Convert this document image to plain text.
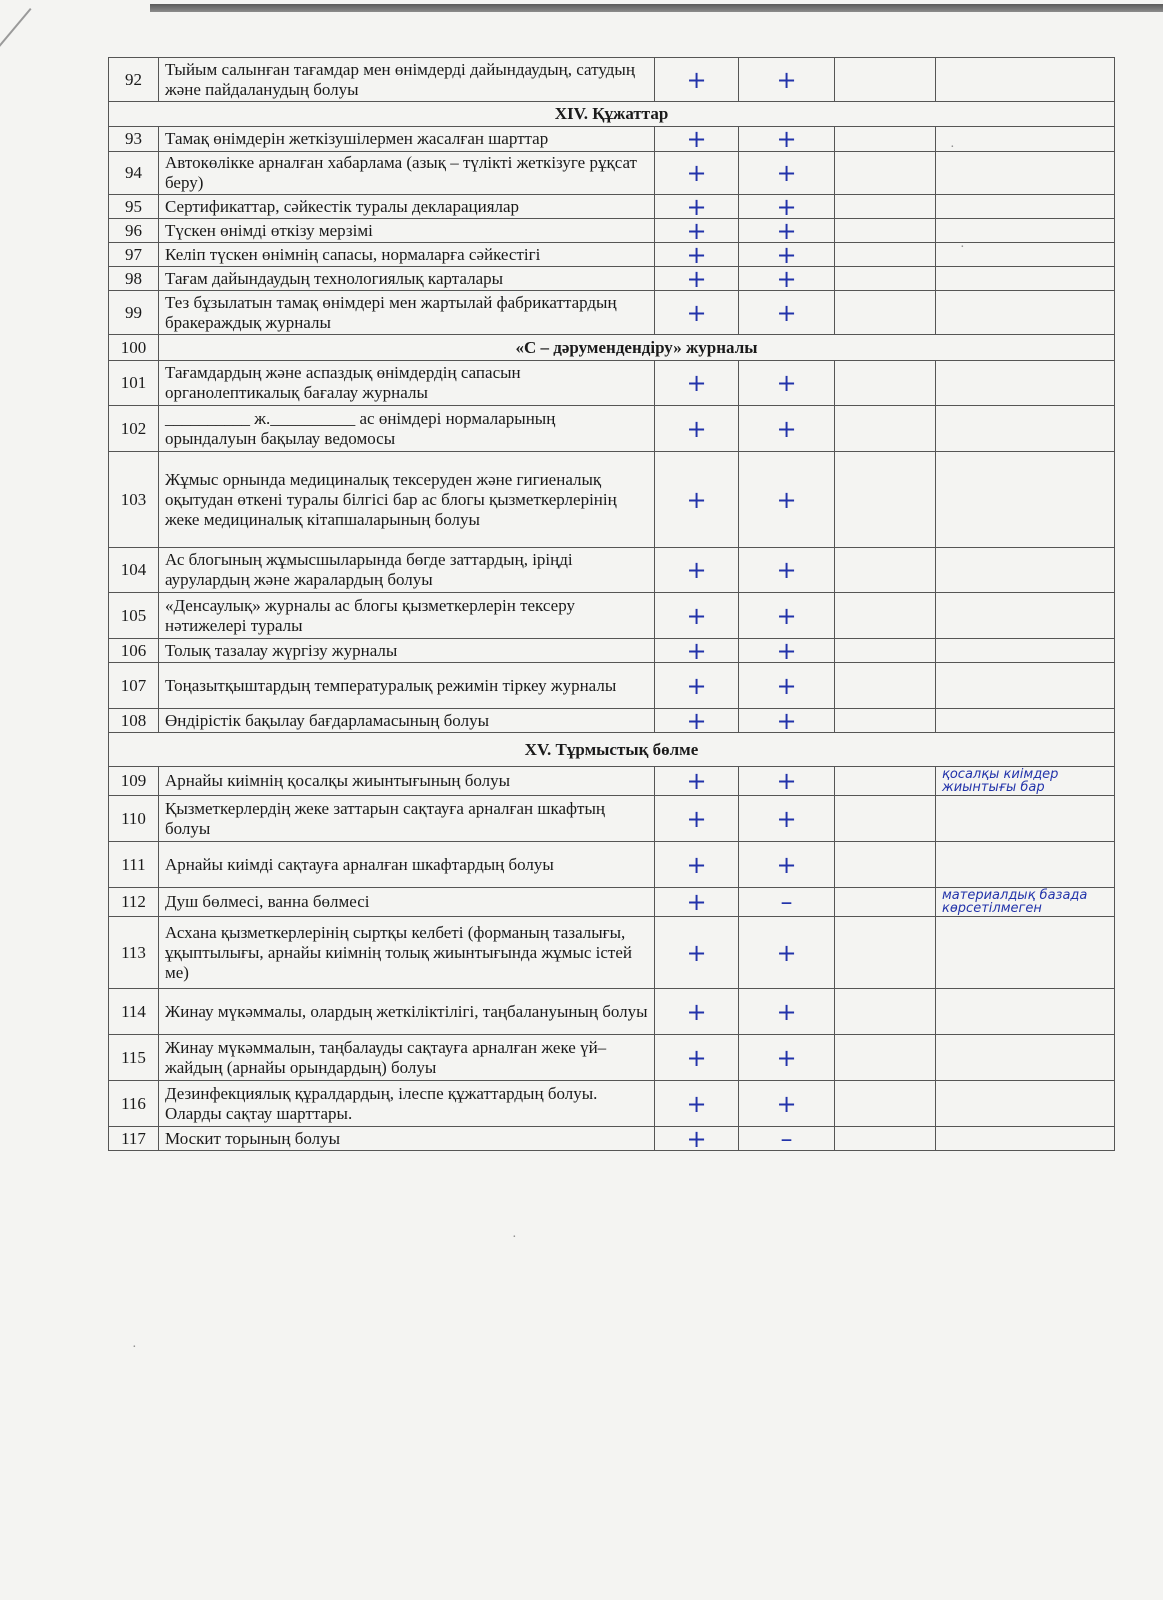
92	Тыйым салынған тағамдар мен өнімдерді дайындаудың, сатудың және пайдаланудың болуы	+	+		
XIV. Құжаттар					
93	Тамақ өнімдерін жеткізушілермен жасалған шарттар	+	+		
94	Автокөлікке арналған хабарлама (азық – түлікті жеткізуге рұқсат беру)	+	+		
95	Сертификаттар, сәйкестік туралы декларациялар	+	+		
96	Түскен өнімді өткізу мерзімі	+	+		
97	Келіп түскен өнімнің сапасы, нормаларға сәйкестігі	+	+		
98	Тағам дайындаудың технологиялық карталары	+	+		
99	Тез бұзылатын тамақ өнімдері мен жартылай фабрикаттардың бракераждық журналы	+	+		
100	«С – дәрумендендіру» журналы				
101	Тағамдардың және аспаздық өнімдердің сапасын органолептикалық бағалау журналы	+	+		
102	__________ ж.__________ ас өнімдері нормаларының орындалуын бақылау ведомосы	+	+		
103	Жұмыс орнында медициналық тексеруден және гигиеналық оқытудан өткені туралы білгісі бар ас блогы қызметкерлерінің жеке медициналық кітапшаларының болуы	+	+		
104	Ас блогының жұмысшыларында бөгде заттардың, іріңді аурулардың және жаралардың болуы	+	+		
105	«Денсаулық» журналы ас блогы қызметкерлерін тексеру нәтижелері туралы	+	+		
106	Толық тазалау жүргізу журналы	+	+		
107	Тоңазытқыштардың температуралық режимін тіркеу журналы	+	+		
108	Өндірістік бақылау бағдарламасының болуы	+	+		
XV. Тұрмыстық бөлме					
109	Арнайы киімнің қосалқы жиынтығының болуы	+	+		қосалқы киімдер жиынтығы бар
110	Қызметкерлердің жеке заттарын сақтауға арналған шкафтың болуы	+	+		
111	Арнайы киімді сақтауға арналған шкафтардың болуы	+	+		
112	Душ бөлмесі, ванна бөлмесі	+	–		материалдық базада көрсетілмеген
113	Асхана қызметкерлерінің сыртқы келбеті (форманың тазалығы, ұқыптылығы, арнайы киімнің толық жиынтығында жұмыс істей ме)	+	+		
114	Жинау мүкәммалы, олардың жеткіліктілігі, таңбалануының болуы	+	+		
115	Жинау мүкәммалын, таңбалауды сақтауға арналған жеке үй–жайдың (арнайы орындардың) болуы	+	+		
116	Дезинфекциялық құралдардың, ілеспе құжаттардың болуы. Оларды сақтау шарттары.	+	+		
117	Москит торының болуы	+	–		
·
·
·
·
